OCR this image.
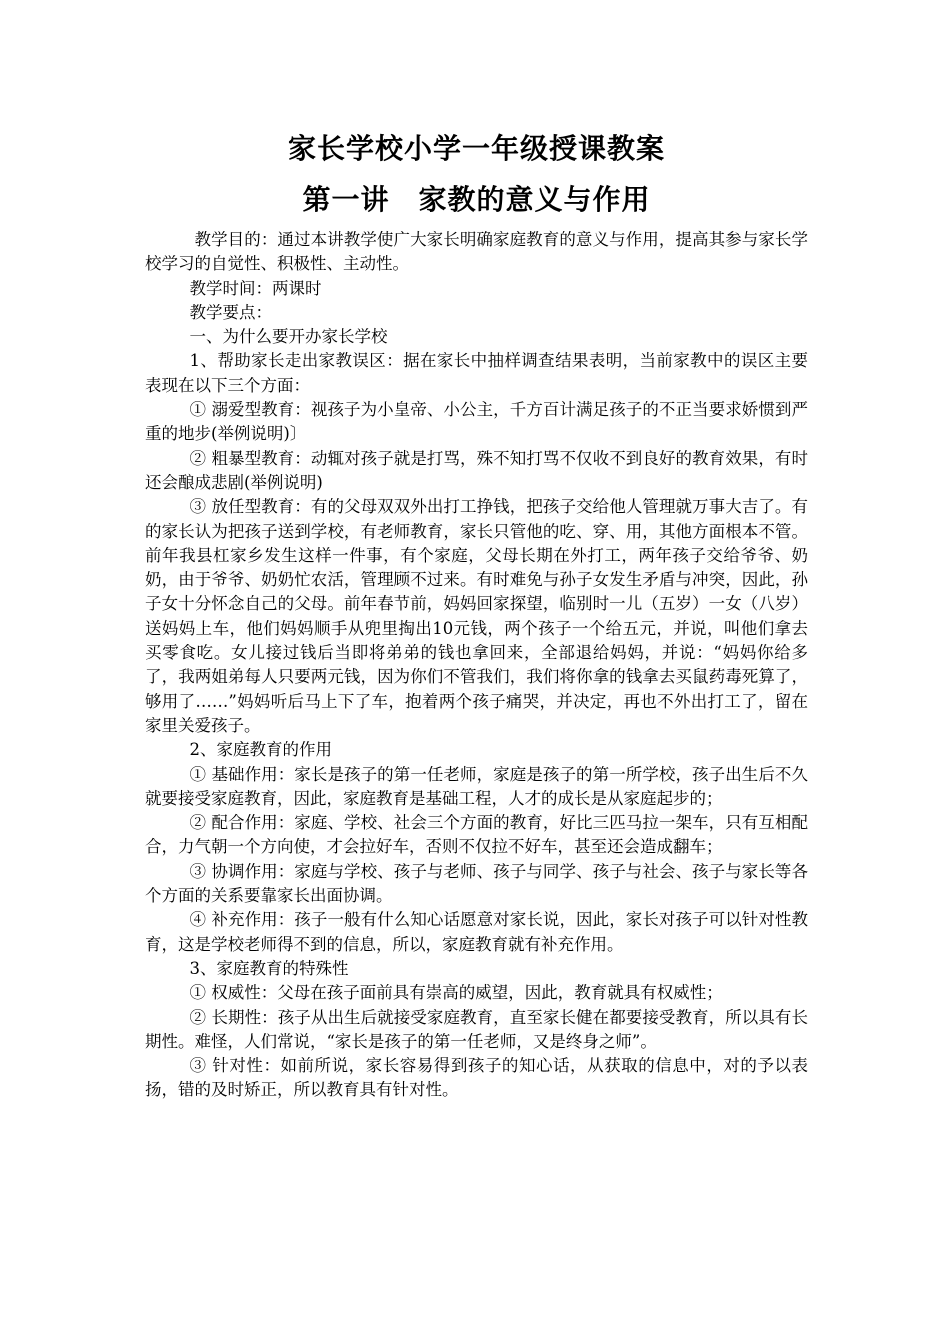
家长学校小学一年级授课教案
第一讲　家教的意义与作用

教学目的：通过本讲教学使广大家长明确家庭教育的意义与作用，提高其参与家长学校学习的自觉性、积极性、主动性。

教学时间：两课时

教学要点：

一、为什么要开办家长学校

1、帮助家长走出家教误区：据在家长中抽样调查结果表明，当前家教中的误区主要表现在以下三个方面：

① 溺爱型教育：视孩子为小皇帝、小公主，千方百计满足孩子的不正当要求娇惯到严重的地步(举例说明)〕

② 粗暴型教育：动辄对孩子就是打骂，殊不知打骂不仅收不到良好的教育效果，有时还会酿成悲剧(举例说明)

③ 放任型教育：有的父母双双外出打工挣钱，把孩子交给他人管理就万事大吉了。有的家长认为把孩子送到学校，有老师教育，家长只管他的吃、穿、用，其他方面根本不管。前年我县杠家乡发生这样一件事，有个家庭，父母长期在外打工，两年孩子交给爷爷、奶奶，由于爷爷、奶奶忙农活，管理顾不过来。有时难免与孙子女发生矛盾与冲突，因此，孙子女十分怀念自己的父母。前年春节前，妈妈回家探望，临别时一儿（五岁）一女（八岁）送妈妈上车，他们妈妈顺手从兜里掏出10元钱，两个孩子一个给五元，并说，叫他们拿去买零食吃。女儿接过钱后当即将弟弟的钱也拿回来，全部退给妈妈，并说：“妈妈你给多了，我两姐弟每人只要两元钱，因为你们不管我们，我们将你拿的钱拿去买鼠药毒死算了，够用了……”妈妈听后马上下了车，抱着两个孩子痛哭，并决定，再也不外出打工了，留在家里关爱孩子。

2、家庭教育的作用

① 基础作用：家长是孩子的第一任老师，家庭是孩子的第一所学校，孩子出生后不久就要接受家庭教育，因此，家庭教育是基础工程，人才的成长是从家庭起步的；

② 配合作用：家庭、学校、社会三个方面的教育，好比三匹马拉一架车，只有互相配合，力气朝一个方向使，才会拉好车，否则不仅拉不好车，甚至还会造成翻车；

③ 协调作用：家庭与学校、孩子与老师、孩子与同学、孩子与社会、孩子与家长等各个方面的关系要靠家长出面协调。

④ 补充作用：孩子一般有什么知心话愿意对家长说，因此，家长对孩子可以针对性教育，这是学校老师得不到的信息，所以，家庭教育就有补充作用。

3、家庭教育的特殊性

① 权威性：父母在孩子面前具有崇高的威望，因此，教育就具有权威性；

② 长期性：孩子从出生后就接受家庭教育，直至家长健在都要接受教育，所以具有长期性。难怪，人们常说，“家长是孩子的第一任老师，又是终身之师”。

③ 针对性：如前所说，家长容易得到孩子的知心话，从获取的信息中，对的予以表扬，错的及时矫正，所以教育具有针对性。
